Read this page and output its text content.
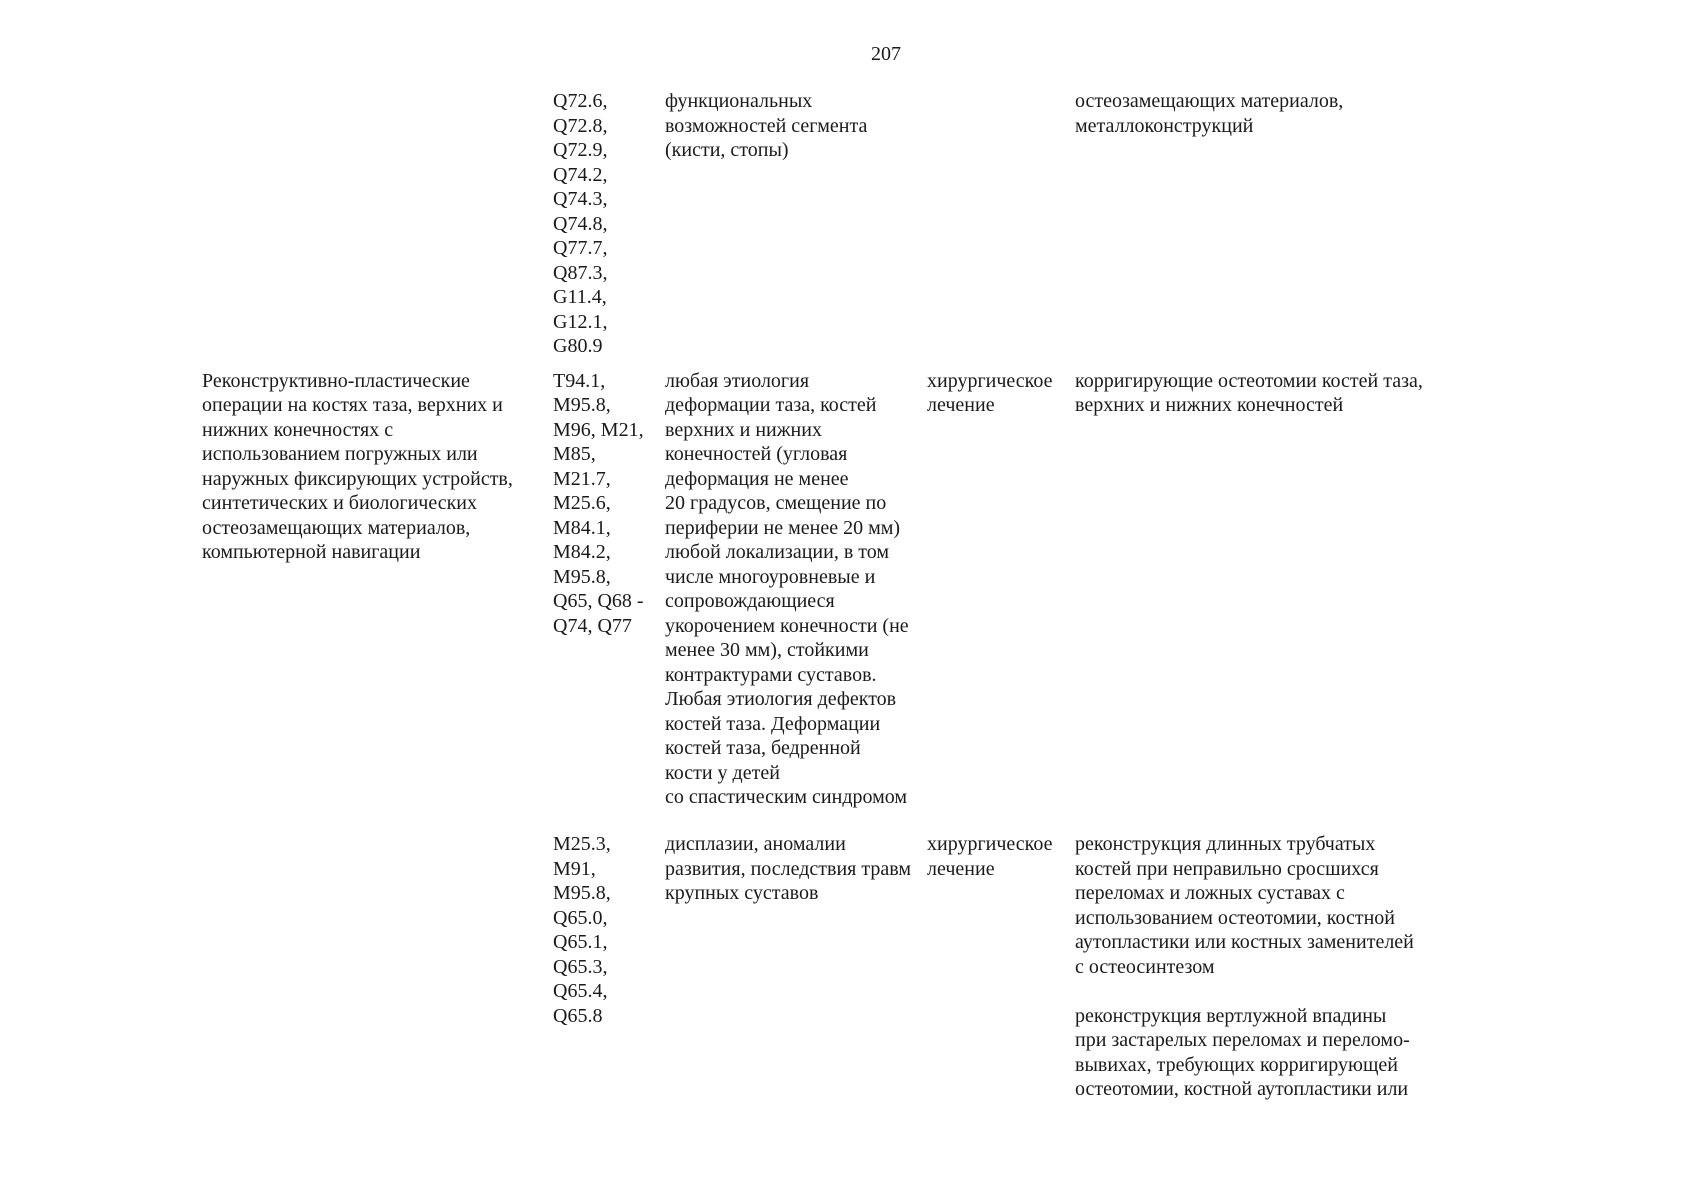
207
Q72.6,
Q72.8,
Q72.9,
Q74.2,
Q74.3,
Q74.8,
Q77.7,
Q87.3,
G11.4,
G12.1,
G80.9
функциональных
возможностей сегмента
(кисти, стопы)
остеозамещающих материалов,
металлоконструкций
Реконструктивно-пластические
операции на костях таза, верхних и
нижних конечностях с
использованием погружных или
наружных фиксирующих устройств,
синтетических и биологических
остеозамещающих материалов,
компьютерной навигации
T94.1,
M95.8,
M96, M21,
M85,
M21.7,
M25.6,
M84.1,
M84.2,
M95.8,
Q65, Q68 -
Q74, Q77
любая этиология
деформации таза, костей
верхних и нижних
конечностей (угловая
деформация не менее
20 градусов, смещение по
периферии не менее 20 мм)
любой локализации, в том
числе многоуровневые и
сопровождающиеся
укорочением конечности (не
менее 30 мм), стойкими
контрактурами суставов.
Любая этиология дефектов
костей таза. Деформации
костей таза, бедренной
кости у детей
со спастическим синдромом
хирургическое
лечение
корригирующие остеотомии костей таза,
верхних и нижних конечностей
M25.3,
M91,
M95.8,
Q65.0,
Q65.1,
Q65.3,
Q65.4,
Q65.8
дисплазии, аномалии
развития, последствия травм
крупных суставов
хирургическое
лечение
реконструкция длинных трубчатых
костей при неправильно сросшихся
переломах и ложных суставах с
использованием остеотомии, костной
аутопластики или костных заменителей
с остеосинтезом
реконструкция вертлужной впадины
при застарелых переломах и переломо-
вывихах, требующих корригирующей
остеотомии, костной аутопластики или
